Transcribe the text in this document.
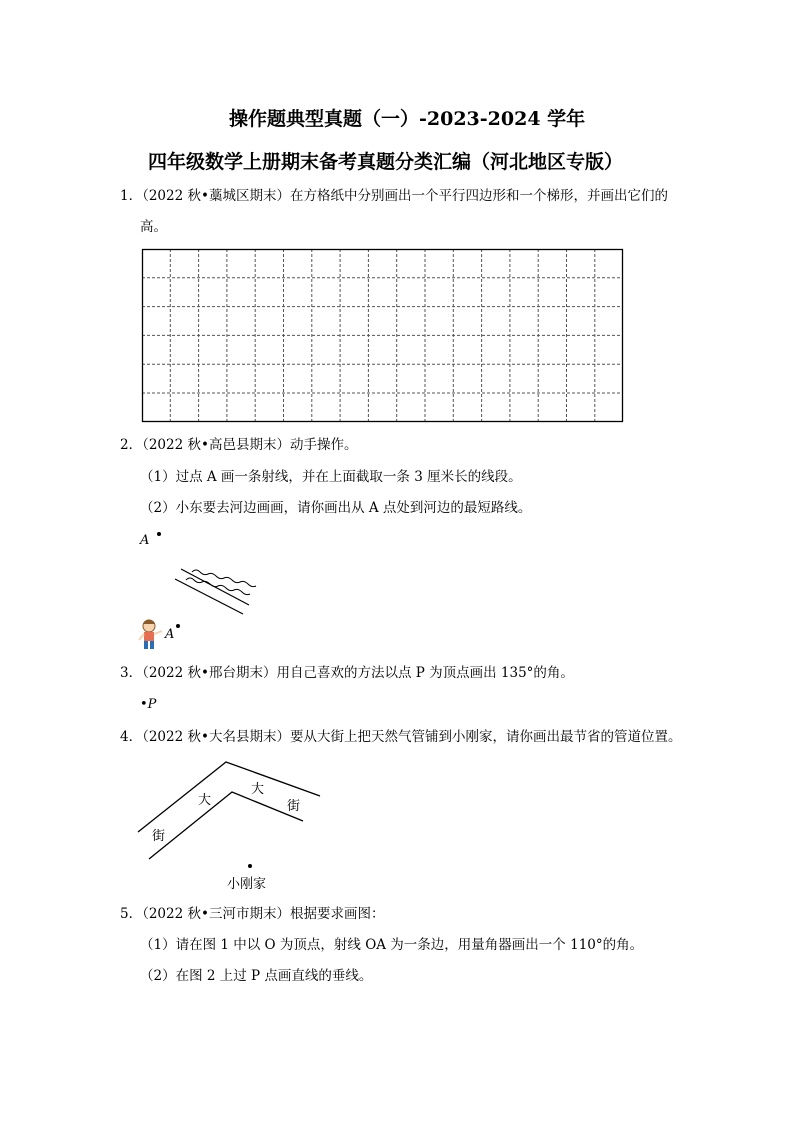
操作题典型真题（一）-2023-2024 学年
四年级数学上册期末备考真题分类汇编（河北地区专版）
1．（2022 秋•藁城区期末）在方格纸中分别画出一个平行四边形和一个梯形，并画出它们的
高。
2．（2022 秋•高邑县期末）动手操作。
（1）过点 A 画一条射线，并在上面截取一条 3 厘米长的线段。
（2）小东要去河边画画，请你画出从 A 点处到河边的最短路线。
A
A
3．（2022 秋•邢台期末）用自己喜欢的方法以点 P 为顶点画出 135°的角。
•P
4．（2022 秋•大名县期末）要从大街上把天然气管铺到小刚家，请你画出最节省的管道位置。
街
大
大
街
小刚家
5．（2022 秋•三河市期末）根据要求画图：
（1）请在图 1 中以 O 为顶点，射线 OA 为一条边，用量角器画出一个 110°的角。
（2）在图 2 上过 P 点画直线的垂线。
